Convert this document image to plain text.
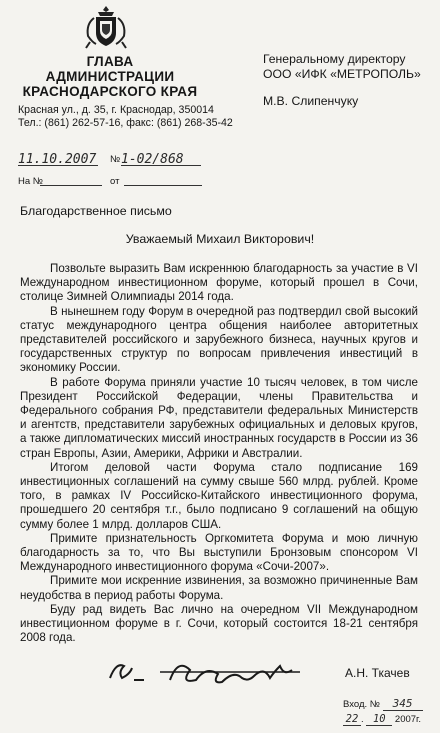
ГЛАВА
АДМИНИСТРАЦИИ
КРАСНОДАРСКОГО КРАЯ
Красная ул., д. 35, г. Краснодар, 350014
Тел.: (861) 262-57-16, факс: (861) 268-35-42
Генеральному директору
ООО «ИФК «МЕТРОПОЛЬ»
М.В. Слипенчуку
11.10.2007 № 1-02/868
На №	от
Благодарственное письмо
Уважаемый Михаил Викторович!

Позвольте выразить Вам искреннюю благодарность за участие в VI Международном инвестиционном форуме, который прошел в Сочи, столице Зимней Олимпиады 2014 года.

В нынешнем году Форум в очередной раз подтвердил свой высокий статус международного центра общения наиболее авторитетных представителей российского и зарубежного бизнеса, научных кругов и государственных структур по вопросам привлечения инвестиций в экономику России.

В работе Форума приняли участие 10 тысяч человек, в том числе Президент Российской Федерации, члены Правительства и Федерального собрания РФ, представители федеральных Министерств и агентств, представители зарубежных официальных и деловых кругов, а также дипломатических миссий иностранных государств в России из 36 стран Европы, Азии, Америки, Африки и Австралии.

Итогом деловой части Форума стало подписание 169 инвестиционных соглашений на сумму свыше 560 млрд. рублей. Кроме того, в рамках IV Российско-Китайского инвестиционного форума, прошедшего 20 сентября т.г., было подписано 9 соглашений на общую сумму более 1 млрд. долларов США.

Примите признательность Оргкомитета Форума и мою личную благодарность за то, что Вы выступили Бронзовым спонсором VI Международного инвестиционного форума «Сочи-2007».

Примите мои искренние извинения, за возможно причиненные Вам неудобства в период работы Форума.

Буду рад видеть Вас лично на очередном VII Международном инвестиционном форуме в г. Сочи, который состоится 18-21 сентября 2008 года.

А.Н. Ткачев
Вход. № 345
22 . 10 2007г.
